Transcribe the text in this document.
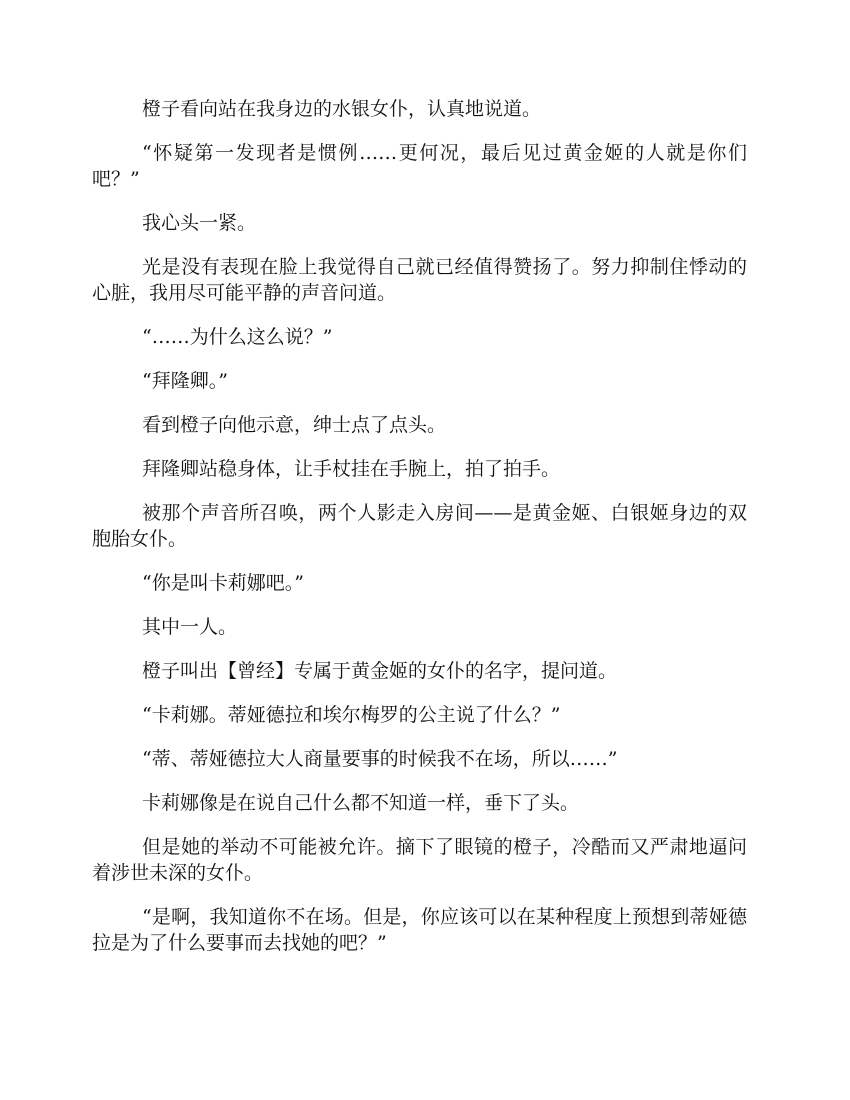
橙子看向站在我身边的水银女仆，认真地说道。

“怀疑第一发现者是惯例……更何况，最后见过黄金姬的人就是你们吧？”

我心头一紧。

光是没有表现在脸上我觉得自己就已经值得赞扬了。努力抑制住悸动的心脏，我用尽可能平静的声音问道。

“……为什么这么说？”

“拜隆卿。”

看到橙子向他示意，绅士点了点头。

拜隆卿站稳身体，让手杖挂在手腕上，拍了拍手。

被那个声音所召唤，两个人影走入房间——是黄金姬、白银姬身边的双胞胎女仆。

“你是叫卡莉娜吧。”

其中一人。

橙子叫出【曾经】专属于黄金姬的女仆的名字，提问道。

“卡莉娜。蒂娅德拉和埃尔梅罗的公主说了什么？”

“蒂、蒂娅德拉大人商量要事的时候我不在场，所以……”

卡莉娜像是在说自己什么都不知道一样，垂下了头。

但是她的举动不可能被允许。摘下了眼镜的橙子，冷酷而又严肃地逼问着涉世未深的女仆。

“是啊，我知道你不在场。但是，你应该可以在某种程度上预想到蒂娅德拉是为了什么要事而去找她的吧？”
